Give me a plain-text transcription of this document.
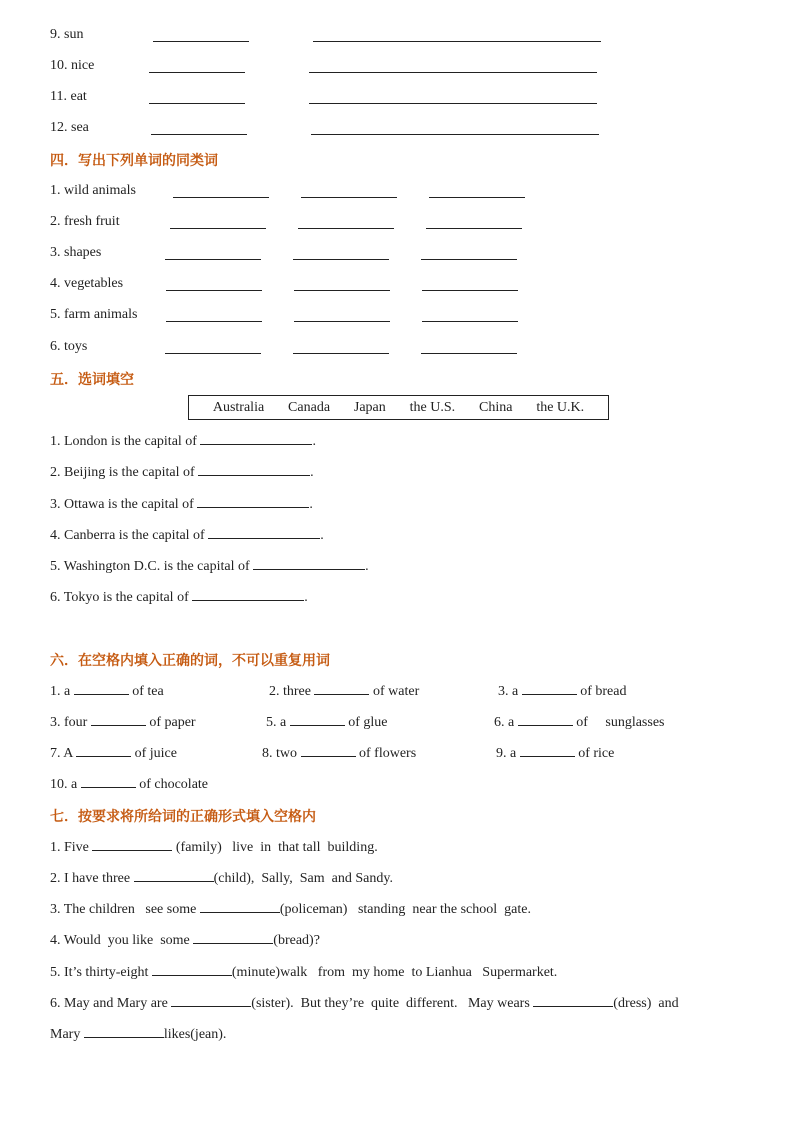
9. sun
10. nice
11. eat
12. sea
四．写出下列单词的同类词
1. wild animals
2. fresh fruit
3. shapes
4. vegetables
5. farm animals
6. toys
五．选词填空
Australia Canada Japan the U.S. China the U.K.
1. London is the capital of	.
2. Beijing is the capital of	.
3. Ottawa is the capital of	.
4. Canberra is the capital of	.
5. Washington D.C. is the capital of	.
6. Tokyo is the capital of	.
六．在空格内填入正确的词，不可以重复用词
1. a	of tea	2. three	of water	3. a	of bread
3. four	of paper	5. a	of glue	6. a	of     sunglasses
7. A	of juice	8. two	of flowers	9. a	of rice
10. a	of chocolate
七．按要求将所给词的正确形式填入空格内
1. Five	(family)   live  in  that tall  building.
2. I have three	(child),  Sally,  Sam  and Sandy.
3. The children   see some	(policeman)   standing  near the school  gate.
4. Would  you like  some	(bread)?
5. It’s thirty-eight	(minute)walk   from  my home  to Lianhua   Supermarket.
6. May and Mary are	(sister).  But they’re  quite  different.   May wears	(dress)  and
Mary	likes(jean).
